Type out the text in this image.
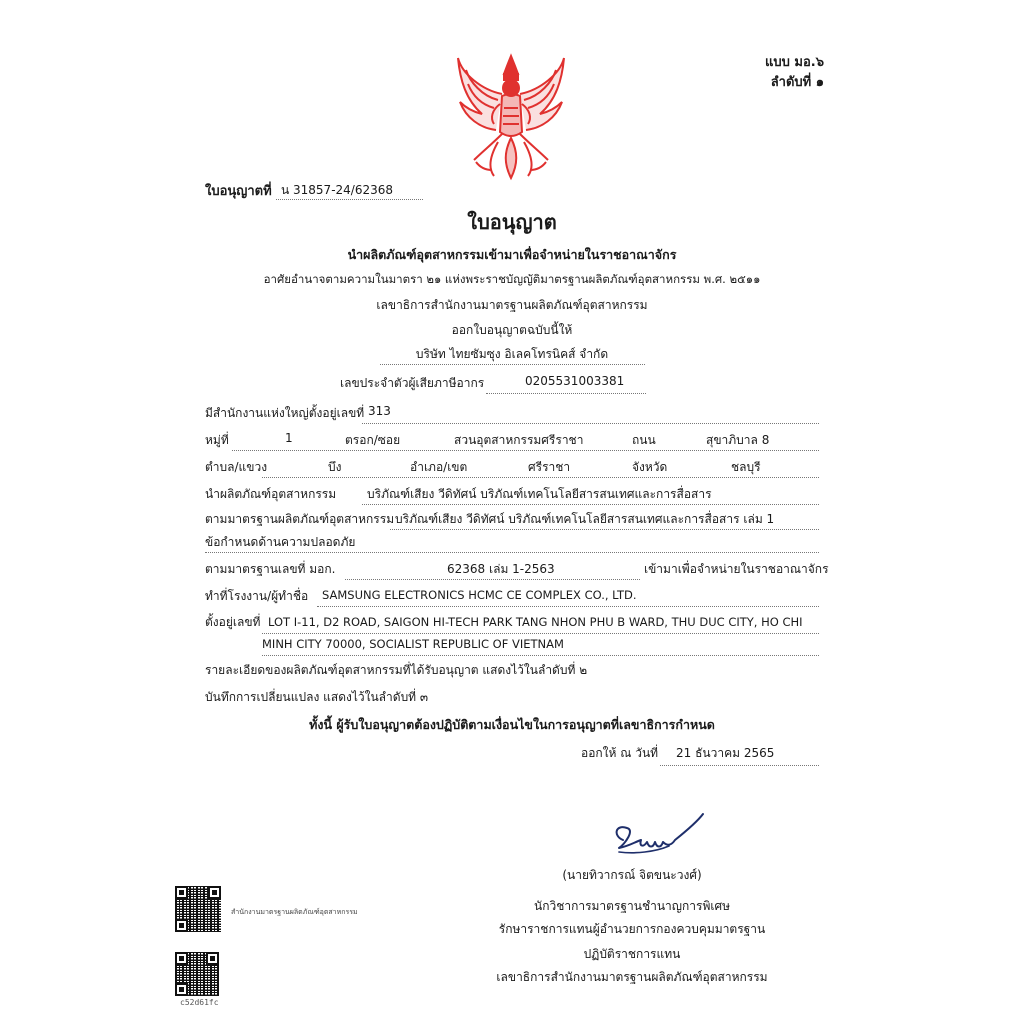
แบบ มอ.๖
ลำดับที่ ๑
ใบอนุญาตที่ น 31857-24/62368
ใบอนุญาต
นำผลิตภัณฑ์อุตสาหกรรมเข้ามาเพื่อจำหน่ายในราชอาณาจักร
อาศัยอำนาจตามความในมาตรา ๒๑ แห่งพระราชบัญญัติมาตรฐานผลิตภัณฑ์อุตสาหกรรม พ.ศ. ๒๕๑๑
เลขาธิการสำนักงานมาตรฐานผลิตภัณฑ์อุตสาหกรรม
ออกใบอนุญาตฉบับนี้ให้
บริษัท ไทยซัมซุง อิเลคโทรนิคส์ จำกัด
เลขประจำตัวผู้เสียภาษีอากร	0205531003381
มีสำนักงานแห่งใหญ่ตั้งอยู่เลขที่ 313
หมู่ที่	1	ตรอก/ซอย	สวนอุตสาหกรรมศรีราชา	ถนน	สุขาภิบาล 8
ตำบล/แขวง	บึง	อำเภอ/เขต	ศรีราชา	จังหวัด	ชลบุรี
นำผลิตภัณฑ์อุตสาหกรรม	บริภัณฑ์เสียง วีดิทัศน์ บริภัณฑ์เทคโนโลยีสารสนเทศและการสื่อสาร
ตามมาตรฐานผลิตภัณฑ์อุตสาหกรรม บริภัณฑ์เสียง วีดิทัศน์ บริภัณฑ์เทคโนโลยีสารสนเทศและการสื่อสาร เล่ม 1
ข้อกำหนดด้านความปลอดภัย
ตามมาตรฐานเลขที่ มอก.	62368 เล่ม 1-2563	เข้ามาเพื่อจำหน่ายในราชอาณาจักร
ทำที่โรงงาน/ผู้ทำชื่อ SAMSUNG ELECTRONICS HCMC CE COMPLEX CO., LTD.
ตั้งอยู่เลขที่ LOT I-11, D2 ROAD, SAIGON HI-TECH PARK TANG NHON PHU B WARD, THU DUC CITY, HO CHI
MINH CITY 70000, SOCIALIST REPUBLIC OF VIETNAM
รายละเอียดของผลิตภัณฑ์อุตสาหกรรมที่ได้รับอนุญาต แสดงไว้ในลำดับที่ ๒
บันทึกการเปลี่ยนแปลง แสดงไว้ในลำดับที่ ๓
ทั้งนี้ ผู้รับใบอนุญาตต้องปฏิบัติตามเงื่อนไขในการอนุญาตที่เลขาธิการกำหนด
ออกให้ ณ วันที่ 21 ธันวาคม 2565
(นายทิวากรณ์ จิตขนะวงศ์)
นักวิชาการมาตรฐานชำนาญการพิเศษ
รักษาราชการแทนผู้อำนวยการกองควบคุมมาตรฐาน
ปฏิบัติราชการแทน
เลขาธิการสำนักงานมาตรฐานผลิตภัณฑ์อุตสาหกรรม
สำนักงานมาตรฐานผลิตภัณฑ์อุตสาหกรรม
c52d61fc
